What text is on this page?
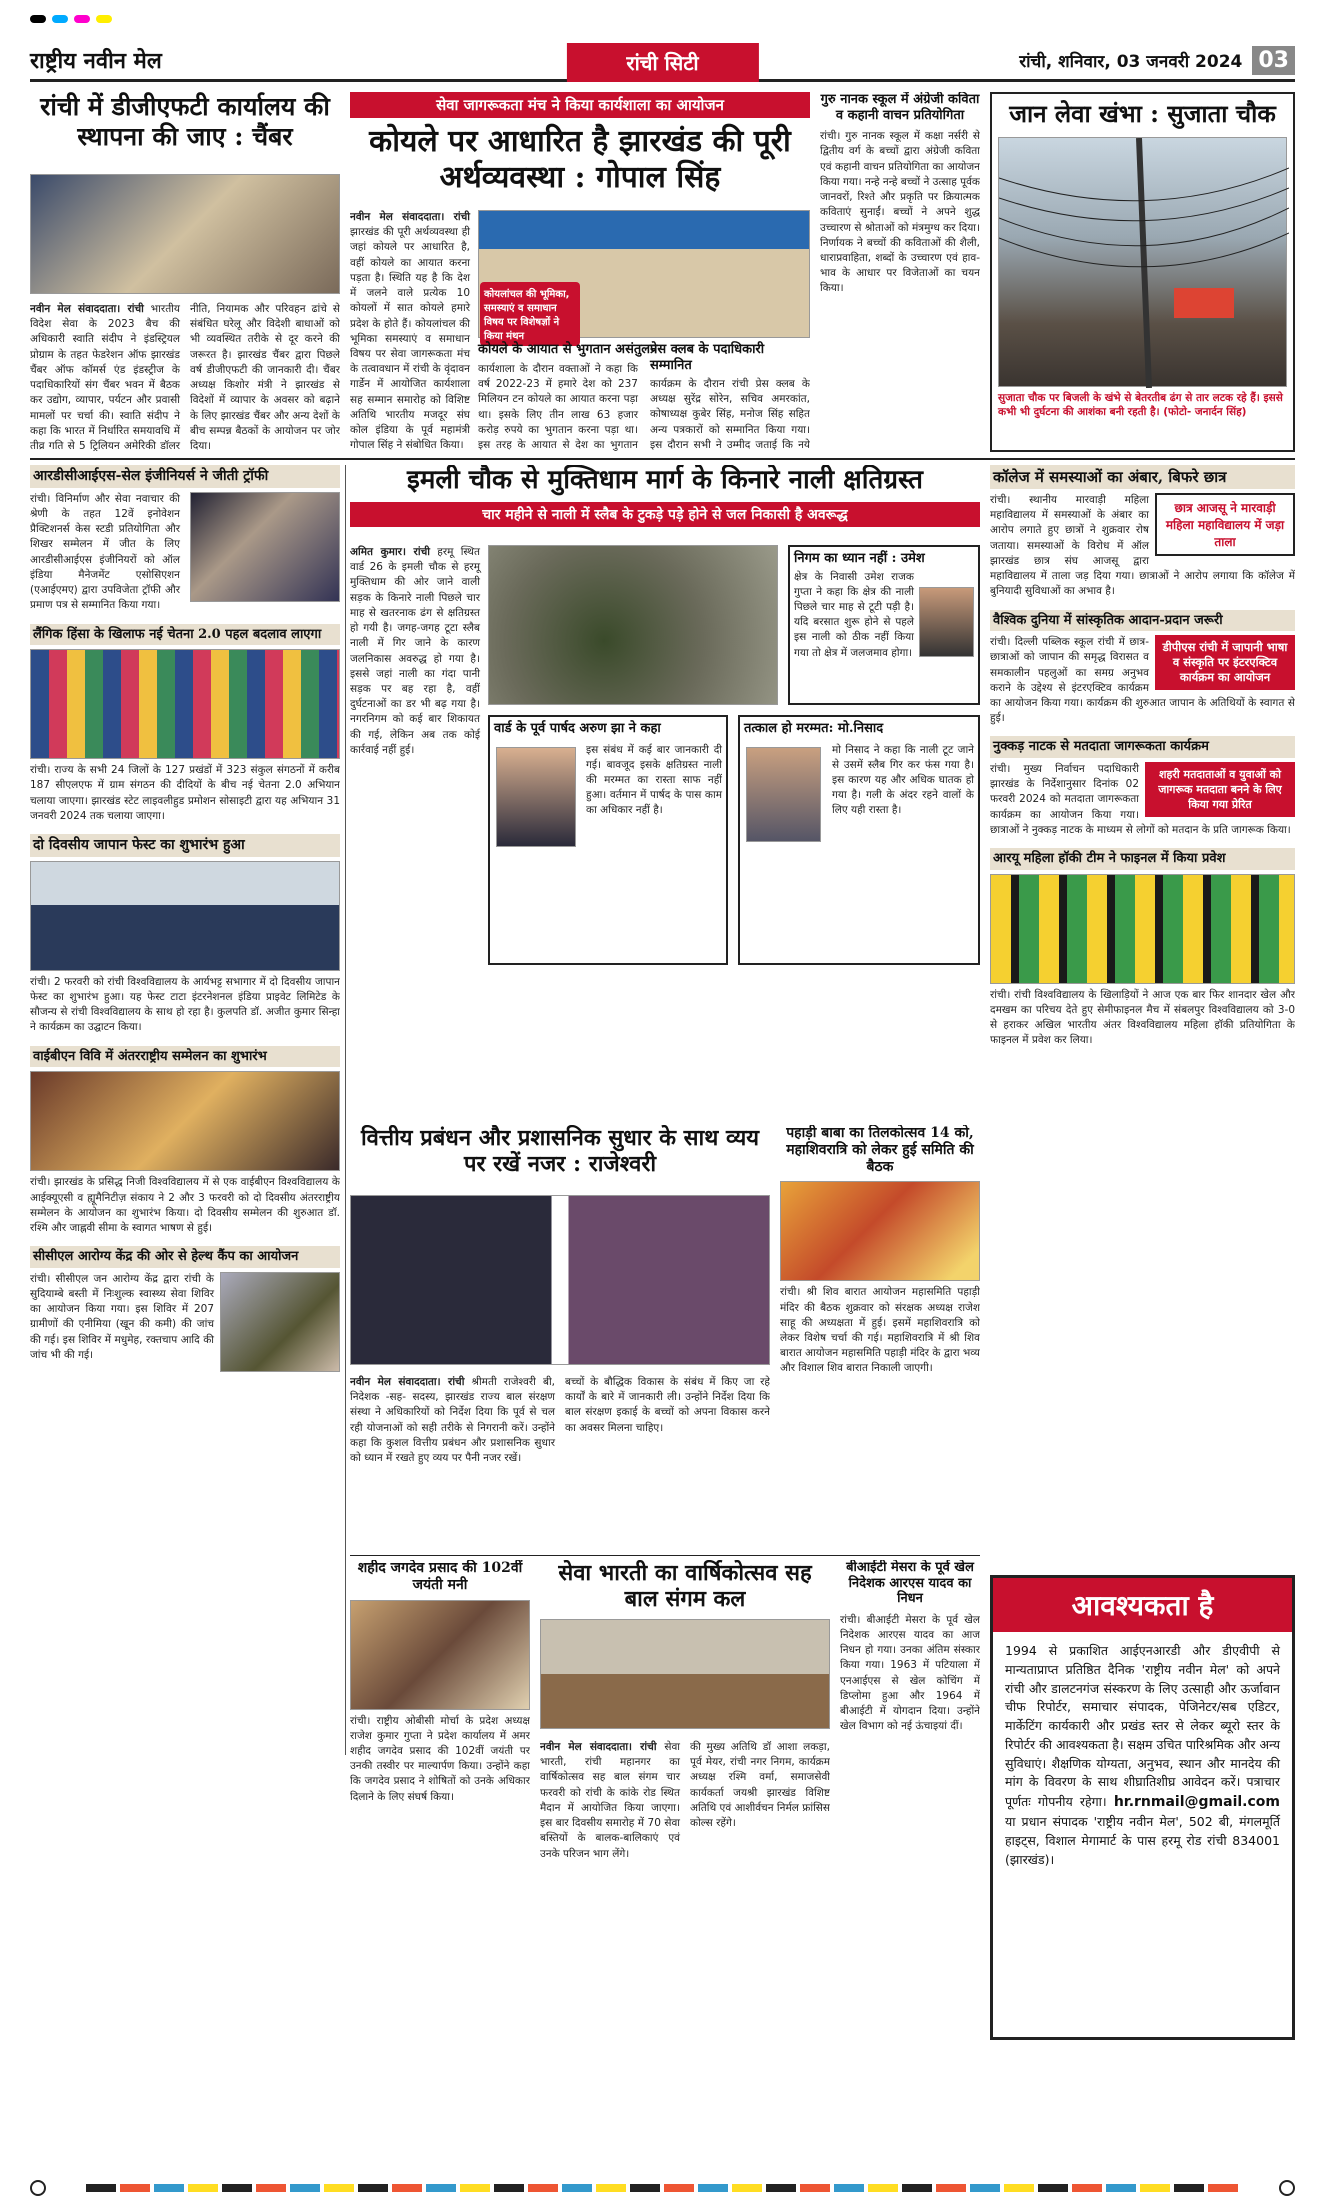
राष्ट्रीय नवीन मेल	रांची सिटी	रांची, शनिवार, 03 जनवरी 2024 03
रांची में डीजीएफटी कार्यालय की स्थापना की जाए : चैंबर
नवीन मेल संवाददाता। रांची भारतीय विदेश सेवा के 2023 बैच की अधिकारी स्वाति संदीप ने इंडस्ट्रियल प्रोग्राम के तहत फेडरेशन ऑफ झारखंड चैंबर ऑफ कॉमर्स एंड इंडस्ट्रीज के पदाधिकारियों संग चैंबर भवन में बैठक कर उद्योग, व्यापार, पर्यटन और प्रवासी मामलों पर चर्चा की। स्वाति संदीप ने कहा कि भारत में निर्धारित समयावधि में तीव्र गति से 5 ट्रिलियन अमेरिकी डॉलर
नीति, नियामक और परिवहन ढांचे से संबंधित घरेलू और विदेशी बाधाओं को भी व्यवस्थित तरीके से दूर करने की जरूरत है। झारखंड चैंबर द्वारा पिछले वर्ष डीजीएफटी की जानकारी दी। चैंबर अध्यक्ष किशोर मंत्री ने झारखंड से विदेशों में व्यापार के अवसर को बढ़ाने के लिए झारखंड चैंबर और अन्य देशों के बीच सम्पन्न बैठकों के आयोजन पर जोर दिया।
सेवा जागरूकता मंच ने किया कार्यशाला का आयोजन
कोयले पर आधारित है झारखंड की पूरी अर्थव्यवस्था : गोपाल सिंह
नवीन मेल संवाददाता। रांची झारखंड की पूरी अर्थव्यवस्था ही जहां कोयले पर आधारित है, वहीं कोयले का आयात करना पड़ता है। स्थिति यह है कि देश में जलने वाले प्रत्येक 10 कोयलों में सात कोयले हमारे प्रदेश के होते हैं। कोयलांचल की भूमिका समस्याएं व समाधान विषय पर सेवा जागरूकता मंच के तत्वावधान में रांची के वृंदावन गार्डेन में आयोजित कार्यशाला सह सम्मान समारोह को विशिष्ट अतिथि भारतीय मजदूर संघ कोल इंडिया के पूर्व महामंत्री गोपाल सिंह ने संबोधित किया।
कोयलांचल की भूमिका, समस्याएं व समाधान विषय पर विशेषज्ञों ने किया मंथन
कोयले के आयात से भुगतान असंतुलन
कार्यशाला के दौरान वक्ताओं ने कहा कि वर्ष 2022-23 में हमारे देश को 237 मिलियन टन कोयले का आयात करना पड़ा था। इसके लिए तीन लाख 63 हजार करोड़ रुपये का भुगतान करना पड़ा था। इस तरह के आयात से देश का भुगतान
प्रेस क्लब के पदाधिकारी सम्मानित
कार्यक्रम के दौरान रांची प्रेस क्लब के अध्यक्ष सुरेंद्र सोरेन, सचिव अमरकांत, कोषाध्यक्ष कुबेर सिंह, मनोज सिंह सहित अन्य पत्रकारों को सम्मानित किया गया। इस दौरान सभी ने उम्मीद जताई कि नये
गुरु नानक स्कूल में अंग्रेजी कविता व कहानी वाचन प्रतियोगिता
रांची। गुरु नानक स्कूल में कक्षा नर्सरी से द्वितीय वर्ग के बच्चों द्वारा अंग्रेजी कविता एवं कहानी वाचन प्रतियोगिता का आयोजन किया गया। नन्हे नन्हे बच्चों ने उत्साह पूर्वक जानवरों, रिश्ते और प्रकृति पर क्रियात्मक कविताएं सुनाईं। बच्चों ने अपने शुद्ध उच्चारण से श्रोताओं को मंत्रमुग्ध कर दिया। निर्णायक ने बच्चों की कविताओं की शैली, धाराप्रवाहिता, शब्दों के उच्चारण एवं हाव-भाव के आधार पर विजेताओं का चयन किया।
जान लेवा खंभा : सुजाता चौक
सुजाता चौक पर बिजली के खंभे से बेतरतीब ढंग से तार लटक रहे हैं। इससे कभी भी दुर्घटना की आशंका बनी रहती है। (फोटो- जनार्दन सिंह)
आरडीसीआईएस-सेल इंजीनियर्स ने जीती ट्रॉफी
रांची। विनिर्माण और सेवा नवाचार की श्रेणी के तहत 12वें इनोवेशन प्रैक्टिशनर्स केस स्टडी प्रतियोगिता और शिखर सम्मेलन में जीत के लिए आरडीसीआईएस इंजीनियरों को ऑल इंडिया मैनेजमेंट एसोसिएशन (एआईएमए) द्वारा उपविजेता ट्रॉफी और प्रमाण पत्र से सम्मानित किया गया।
लैंगिक हिंसा के खिलाफ नई चेतना 2.0 पहल बदलाव लाएगा
रांची। राज्य के सभी 24 जिलों के 127 प्रखंडों में 323 संकुल संगठनों में करीब 187 सीएलएफ में ग्राम संगठन की दीदियों के बीच नई चेतना 2.0 अभियान चलाया जाएगा। झारखंड स्टेट लाइवलीहुड प्रमोशन सोसाइटी द्वारा यह अभियान 31 जनवरी 2024 तक चलाया जाएगा।
दो दिवसीय जापान फेस्ट का शुभारंभ हुआ
रांची। 2 फरवरी को रांची विश्वविद्यालय के आर्यभट्ट सभागार में दो दिवसीय जापान फेस्ट का शुभारंभ हुआ। यह फेस्ट टाटा इंटरनेशनल इंडिया प्राइवेट लिमिटेड के सौजन्य से रांची विश्वविद्यालय के साथ हो रहा है। कुलपति डॉ. अजीत कुमार सिन्हा ने कार्यक्रम का उद्घाटन किया।
वाईबीएन विवि में अंतरराष्ट्रीय सम्मेलन का शुभारंभ
रांची। झारखंड के प्रसिद्ध निजी विश्वविद्यालय में से एक वाईबीएन विश्वविद्यालय के आईक्यूएसी व ह्यूमैनिटीज़ संकाय ने 2 और 3 फरवरी को दो दिवसीय अंतरराष्ट्रीय सम्मेलन के आयोजन का शुभारंभ किया। दो दिवसीय सम्मेलन की शुरुआत डॉ. रश्मि और जाह्नवी सीमा के स्वागत भाषण से हुई।
सीसीएल आरोग्य केंद्र की ओर से हेल्थ कैंप का आयोजन
रांची। सीसीएल जन आरोग्य केंद्र द्वारा रांची के सुदियाम्बे बस्ती में निःशुल्क स्वास्थ्य सेवा शिविर का आयोजन किया गया। इस शिविर में 207 ग्रामीणों की एनीमिया (खून की कमी) की जांच की गई। इस शिविर में मधुमेह, रक्तचाप आदि की जांच भी की गई।
इमली चौक से मुक्तिधाम मार्ग के किनारे नाली क्षतिग्रस्त
चार महीने से नाली में स्लैब के टुकड़े पड़े होने से जल निकासी है अवरूद्ध
अमित कुमार। रांची हरमू स्थित वार्ड 26 के इमली चौक से हरमू मुक्तिधाम की ओर जाने वाली सड़क के किनारे नाली पिछले चार माह से खतरनाक ढंग से क्षतिग्रस्त हो गयी है। जगह-जगह टूटा स्लैब नाली में गिर जाने के कारण जलनिकास अवरुद्ध हो गया है। इससे जहां नाली का गंदा पानी सड़क पर बह रहा है, वहीं दुर्घटनाओं का डर भी बढ़ गया है। नगरनिगम को कई बार शिकायत की गई, लेकिन अब तक कोई कार्रवाई नहीं हुई।
निगम का ध्यान नहीं : उमेश
क्षेत्र के निवासी उमेश राजक गुप्ता ने कहा कि क्षेत्र की नाली पिछले चार माह से टूटी पड़ी है। यदि बरसात शुरू होने से पहले इस नाली को ठीक नहीं किया गया तो क्षेत्र में जलजमाव होगा।
वार्ड के पूर्व पार्षद अरुण झा ने कहा
इस संबंध में कई बार जानकारी दी गई। बावजूद इसके क्षतिग्रस्त नाली की मरम्मत का रास्ता साफ नहीं हुआ। वर्तमान में पार्षद के पास काम का अधिकार नहीं है।
तत्काल हो मरम्मत: मो.निसाद
मो निसाद ने कहा कि नाली टूट जाने से उसमें स्लैब गिर कर फंस गया है। इस कारण यह और अधिक घातक हो गया है। गली के अंदर रहने वालों के लिए यही रास्ता है।
कॉलेज में समस्याओं का अंबार, बिफरे छात्र
छात्र आजसू ने मारवाड़ी महिला महाविद्यालय में जड़ा ताला
रांची। स्थानीय मारवाड़ी महिला महाविद्यालय में समस्याओं के अंबार का आरोप लगाते हुए छात्रों ने शुक्रवार रोष जताया। समस्याओं के विरोध में ऑल झारखंड छात्र संघ आजसू द्वारा महाविद्यालय में ताला जड़ दिया गया। छात्राओं ने आरोप लगाया कि कॉलेज में बुनियादी सुविधाओं का अभाव है।
वैश्विक दुनिया में सांस्कृतिक आदान-प्रदान जरूरी
डीपीएस रांची में जापानी भाषा व संस्कृति पर इंटरएक्टिव कार्यक्रम का आयोजन
रांची। दिल्ली पब्लिक स्कूल रांची में छात्र-छात्राओं को जापान की समृद्ध विरासत व समकालीन पहलुओं का समग्र अनुभव कराने के उद्देश्य से इंटरएक्टिव कार्यक्रम का आयोजन किया गया। कार्यक्रम की शुरुआत जापान के अतिथियों के स्वागत से हुई।
नुक्कड़ नाटक से मतदाता जागरूकता कार्यक्रम
शहरी मतदाताओं व युवाओं को जागरूक मतदाता बनने के लिए किया गया प्रेरित
रांची। मुख्य निर्वाचन पदाधिकारी झारखंड के निर्देशानुसार दिनांक 02 फरवरी 2024 को मतदाता जागरूकता कार्यक्रम का आयोजन किया गया। छात्राओं ने नुक्कड़ नाटक के माध्यम से लोगों को मतदान के प्रति जागरूक किया।
आरयू महिला हॉकी टीम ने फाइनल में किया प्रवेश
रांची। रांची विश्वविद्यालय के खिलाड़ियों ने आज एक बार फिर शानदार खेल और दमखम का परिचय देते हुए सेमीफाइनल मैच में संबलपुर विश्वविद्यालय को 3-0 से हराकर अखिल भारतीय अंतर विश्वविद्यालय महिला हॉकी प्रतियोगिता के फाइनल में प्रवेश कर लिया।
वित्तीय प्रबंधन और प्रशासनिक सुधार के साथ व्यय पर रखें नजर : राजेश्वरी
नवीन मेल संवाददाता। रांची श्रीमती राजेश्वरी बी, निदेशक -सह- सदस्य, झारखंड राज्य बाल संरक्षण संस्था ने अधिकारियों को निर्देश दिया कि पूर्व से चल रही योजनाओं को सही तरीके से निगरानी करें। उन्होंने कहा कि कुशल वित्तीय प्रबंधन और प्रशासनिक सुधार को ध्यान में रखते हुए व्यय पर पैनी नजर रखें।
बच्चों के बौद्धिक विकास के संबंध में किए जा रहे कार्यों के बारे में जानकारी ली। उन्होंने निर्देश दिया कि बाल संरक्षण इकाई के बच्चों को अपना विकास करने का अवसर मिलना चाहिए।
पहाड़ी बाबा का तिलकोत्सव 14 को, महाशिवरात्रि को लेकर हुई समिति की बैठक
रांची। श्री शिव बारात आयोजन महासमिति पहाड़ी मंदिर की बैठक शुक्रवार को संरक्षक अध्यक्ष राजेश साहू की अध्यक्षता में हुई। इसमें महाशिवरात्रि को लेकर विशेष चर्चा की गई। महाशिवरात्रि में श्री शिव बारात आयोजन महासमिति पहाड़ी मंदिर के द्वारा भव्य और विशाल शिव बारात निकाली जाएगी।
शहीद जगदेव प्रसाद की 102वीं जयंती मनी
रांची। राष्ट्रीय ओबीसी मोर्चा के प्रदेश अध्यक्ष राजेश कुमार गुप्ता ने प्रदेश कार्यालय में अमर शहीद जगदेव प्रसाद की 102वीं जयंती पर उनकी तस्वीर पर माल्यार्पण किया। उन्होंने कहा कि जगदेव प्रसाद ने शोषितों को उनके अधिकार दिलाने के लिए संघर्ष किया।
सेवा भारती का वार्षिकोत्सव सह बाल संगम कल
नवीन मेल संवाददाता। रांची सेवा भारती, रांची महानगर का वार्षिकोत्सव सह बाल संगम चार फरवरी को रांची के कांके रोड स्थित मैदान में आयोजित किया जाएगा। इस बार दिवसीय समारोह में 70 सेवा बस्तियों के बालक-बालिकाएं एवं उनके परिजन भाग लेंगे।
की मुख्य अतिथि डॉ आशा लकड़ा, पूर्व मेयर, रांची नगर निगम, कार्यक्रम अध्यक्ष रश्मि वर्मा, समाजसेवी कार्यकर्ता जयश्री झारखंड विशिष्ट अतिथि एवं आशीर्वचन निर्मल फ्रांसिस कोल्स रहेंगे।
बीआईटी मेसरा के पूर्व खेल निदेशक आरएस यादव का निधन
रांची। बीआईटी मेसरा के पूर्व खेल निदेशक आरएस यादव का आज निधन हो गया। उनका अंतिम संस्कार किया गया। 1963 में पटियाला में एनआईएस से खेल कोचिंग में डिप्लोमा हुआ और 1964 में बीआईटी में योगदान दिया। उन्होंने खेल विभाग को नई ऊंचाइयां दीं।
आवश्यकता है
1994 से प्रकाशित आईएनआरडी और डीएवीपी से मान्यताप्राप्त प्रतिष्ठित दैनिक 'राष्ट्रीय नवीन मेल' को अपने रांची और डालटनगंज संस्करण के लिए उत्साही और ऊर्जावान चीफ रिपोर्टर, समाचार संपादक, पेजिनेटर/सब एडिटर, मार्केटिंग कार्यकारी और प्रखंड स्तर से लेकर ब्यूरो स्तर के रिपोर्टर की आवश्यकता है। सक्षम उचित पारिश्रमिक और अन्य सुविधाएं। शैक्षणिक योग्यता, अनुभव, स्थान और मानदेय की मांग के विवरण के साथ शीघ्रातिशीघ्र आवेदन करें। पत्राचार पूर्णतः गोपनीय रहेगा। hr.rnmail@gmail.com या प्रधान संपादक 'राष्ट्रीय नवीन मेल', 502 बी, मंगलमूर्ति हाइट्स, विशाल मेगामार्ट के पास हरमू रोड रांची 834001 (झारखंड)।
